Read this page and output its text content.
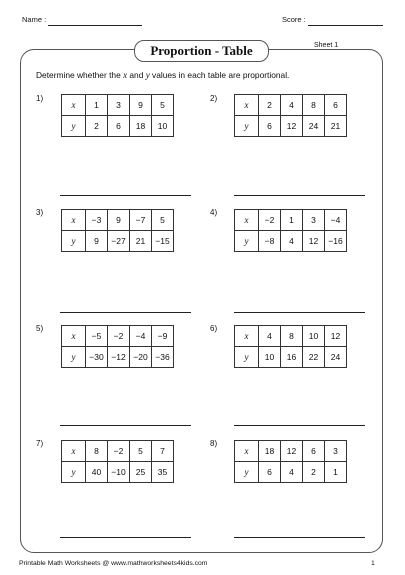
Name :	Score :
Proportion - Table	Sheet 1
Determine whether the x and y values in each table are proportional.
1)
x	1	3	9	5
y	2	6	18	10
2)
x	2	4	8	6
y	6	12	24	21
3)
x	−3	9	−7	5
y	9	−27	21	−15
4)
x	−2	1	3	−4
y	−8	4	12	−16
5)
x	−5	−2	−4	−9
y	−30	−12	−20	−36
6)
x	4	8	10	12
y	10	16	22	24
7)
x	8	−2	5	7
y	40	−10	25	35
8)
x	18	12	6	3
y	6	4	2	1
Printable Math Worksheets @ www.mathworksheets4kids.com	1
